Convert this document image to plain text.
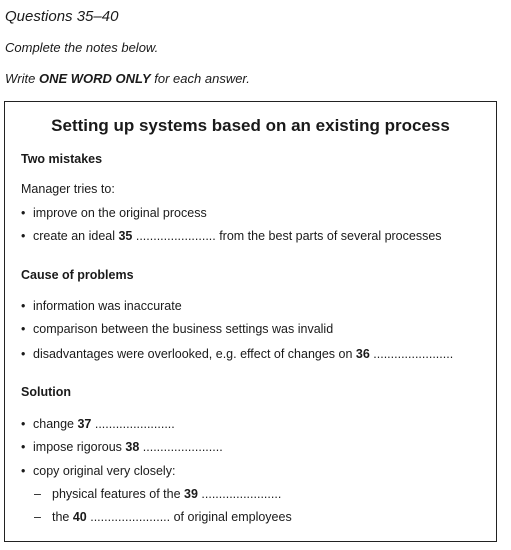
Questions 35–40
Complete the notes below.
Write ONE WORD ONLY for each answer.
Setting up systems based on an existing process
Two mistakes
Manager tries to:
• improve on the original process
• create an ideal 35 ....................... from the best parts of several processes
Cause of problems
• information was inaccurate
• comparison between the business settings was invalid
• disadvantages were overlooked, e.g. effect of changes on 36 .......................
Solution
• change 37 .......................
• impose rigorous 38 .......................
• copy original very closely:
– physical features of the 39 .......................
– the 40 ....................... of original employees
